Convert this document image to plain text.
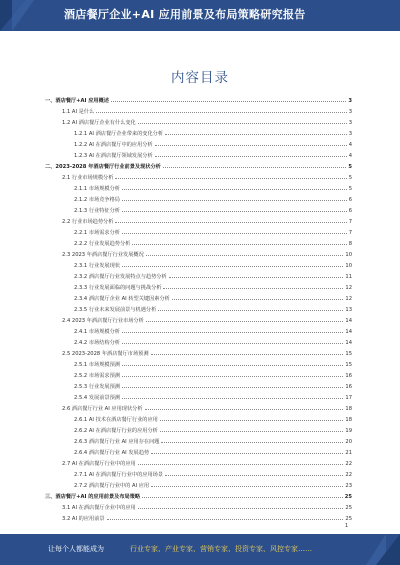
酒店餐厅企业+AI 应用前景及布局策略研究报告
内容目录
一、酒店餐厅+AI 应用概述	3
1.1 AI 是什么	3
1.2 AI 酒店餐厅企业有什么变化	3
1.2.1 AI 酒店餐厅企业带来的变化分析	3
1.2.2 AI 在酒店餐厅中的应用分析	4
1.2.3 AI 在酒店餐厅领域发展分析	4
二、2023-2028 年酒店餐厅行业前景及现状分析	5
2.1 行业市场规模分析	5
2.1.1 市场规模分析	5
2.1.2 市场竞争格局	6
2.1.3 行业特征分析	6
2.2 行业市场趋势分析	7
2.2.1 市场需求分析	7
2.2.2 行业发展趋势分析	8
2.3 2023 年酒店餐厅行业发展概况	10
2.3.1 行业发展现状	10
2.3.2 酒店餐厅行业发展特点与趋势分析	11
2.3.3 行业发展面临的问题与挑战分析	12
2.3.4 酒店餐厅企业 AI 转型关键因素分析	12
2.3.5 行业未来发展前景与机遇分析	13
2.4 2023 年酒店餐厅行业市场分析	14
2.4.1 市场规模分析	14
2.4.2 市场结构分析	14
2.5 2023-2028 年酒店餐厅市场预测	15
2.5.1 市场规模预测	15
2.5.2 市场需求预测	16
2.5.3 行业发展预测	16
2.5.4 发展前景预测	17
2.6 酒店餐厅行业 AI 应用现状分析	18
2.6.1 AI 技术在酒店餐厅行业的应用	18
2.6.2 AI 在酒店餐厅行业的应用分析	19
2.6.3 酒店餐厅行业 AI 应用存在问题	20
2.6.4 酒店餐厅行业 AI 发展趋势	21
2.7 AI 在酒店餐厅行业中的应用	22
2.7.1 AI 在酒店餐厅行业中的应用场景	22
2.7.2 酒店餐厅行业中的 AI 应用	23
三、酒店餐厅+AI 的应用前景及布局策略	25
3.1 AI 在酒店餐厅企业中的应用	25
3.2 AI 的应用前景	25
1
让每个人都能成为	行业专家、产业专家、营销专家、投资专家、风控专家……
